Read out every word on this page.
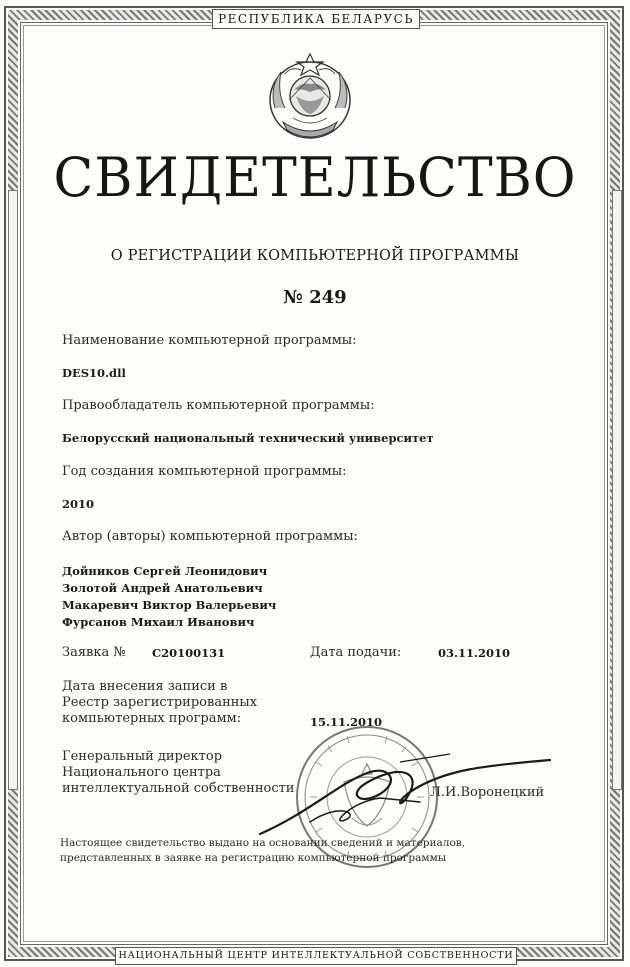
РЕСПУБЛИКА БЕЛАРУСЬ
СВИДЕТЕЛЬСТВО
О РЕГИСТРАЦИИ КОМПЬЮТЕРНОЙ ПРОГРАММЫ
№ 249
Наименование компьютерной программы:
DES10.dll
Правообладатель компьютерной программы:
Белорусский национальный технический университет
Год создания компьютерной программы:
2010
Автор (авторы) компьютерной программы:
Дойников Сергей Леонидович
Золотой Андрей Анатольевич
Макаревич Виктор Валерьевич
Фурсанов Михаил Иванович
Заявка № С20100131	Дата подачи:	03.11.2010
Дата внесения записи в
Реестр зарегистрированных
компьютерных программ:	15.11.2010
Генеральный директор
Национального центра
интеллектуальной собственности	Л.И.Воронецкий
Настоящее свидетельство выдано на основании сведений и материалов,
представленных в заявке на регистрацию компьютерной программы
НАЦИОНАЛЬНЫЙ ЦЕНТР ИНТЕЛЛЕКТУАЛЬНОЙ СОБСТВЕННОСТИ
